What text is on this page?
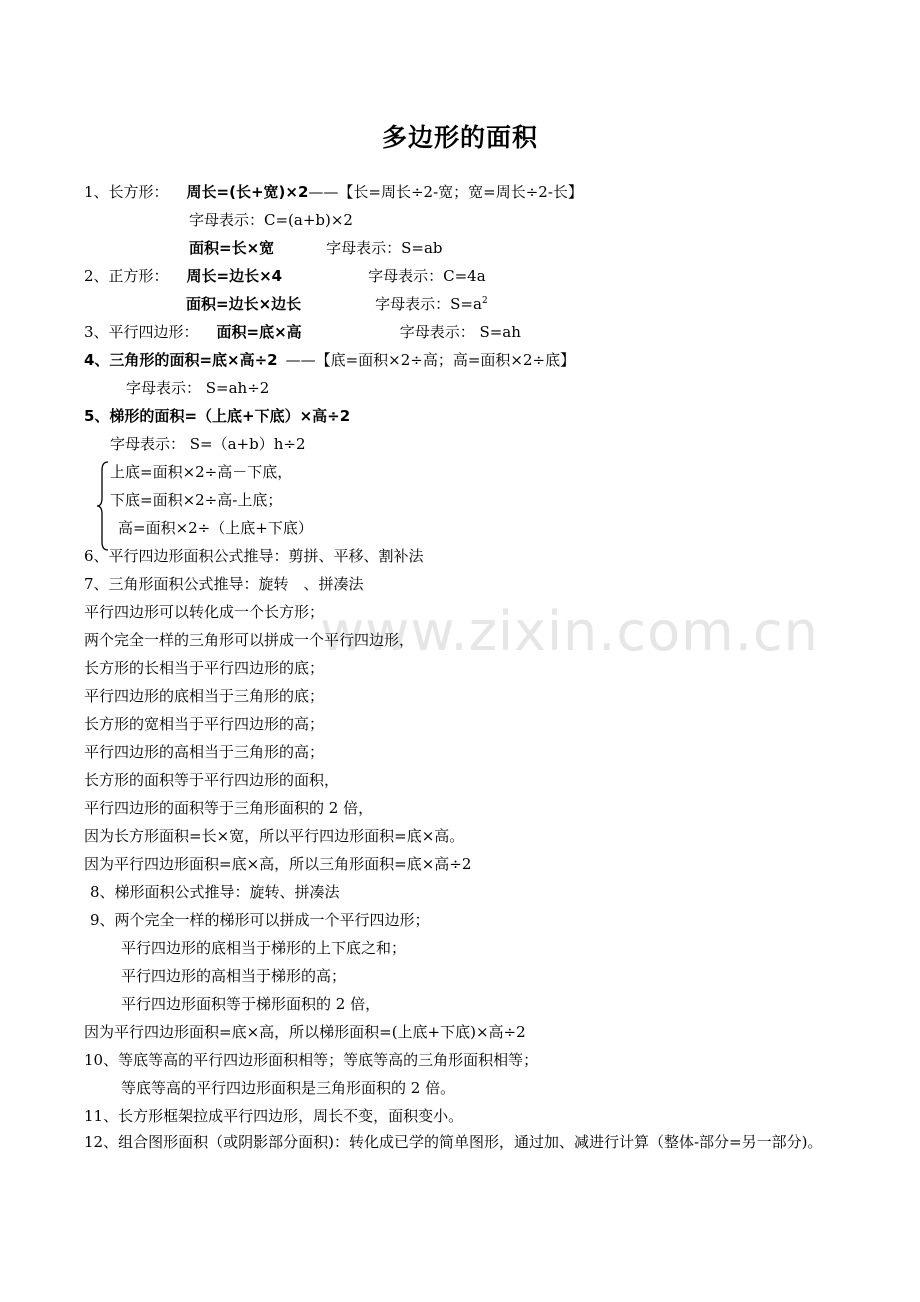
www.zixin.com.cn
多边形的面积
1、长方形： 周长=(长+宽)×2——【长=周长÷2-宽；宽=周长÷2-长】
字母表示：C=(a+b)×2
面积=长×宽	字母表示：S=ab
2、正方形： 周长=边长×4	字母表示：C=4a
面积=边长×边长	字母表示：$S=a^2$
3、平行四边形： 面积=底×高	字母表示： S=ah
4、三角形的面积=底×高÷2 ——【底=面积×2÷高；高=面积×2÷底】
字母表示： S=ah÷2
5、梯形的面积=（上底+下底）×高÷2
字母表示： S=（a+b）h÷2
上底=面积×2÷高－下底，
下底=面积×2÷高-上底；
高=面积×2÷（上底+下底）
6、平行四边形面积公式推导：剪拼、平移、割补法
7、三角形面积公式推导：旋转　、拼凑法
平行四边形可以转化成一个长方形；
两个完全一样的三角形可以拼成一个平行四边形，
长方形的长相当于平行四边形的底；
平行四边形的底相当于三角形的底；
长方形的宽相当于平行四边形的高；
平行四边形的高相当于三角形的高；
长方形的面积等于平行四边形的面积，
平行四边形的面积等于三角形面积的 2 倍，
因为长方形面积=长×宽，所以平行四边形面积=底×高。
因为平行四边形面积=底×高，所以三角形面积=底×高÷2
8、梯形面积公式推导：旋转、拼凑法
9、两个完全一样的梯形可以拼成一个平行四边形；
平行四边形的底相当于梯形的上下底之和；
平行四边形的高相当于梯形的高；
平行四边形面积等于梯形面积的 2 倍，
因为平行四边形面积=底×高，所以梯形面积=(上底+下底)×高÷2
10、等底等高的平行四边形面积相等；等底等高的三角形面积相等；
等底等高的平行四边形面积是三角形面积的 2 倍。
11、长方形框架拉成平行四边形，周长不变，面积变小。
12、组合图形面积（或阴影部分面积)：转化成已学的简单图形，通过加、减进行计算（整体-部分=另一部分)。
